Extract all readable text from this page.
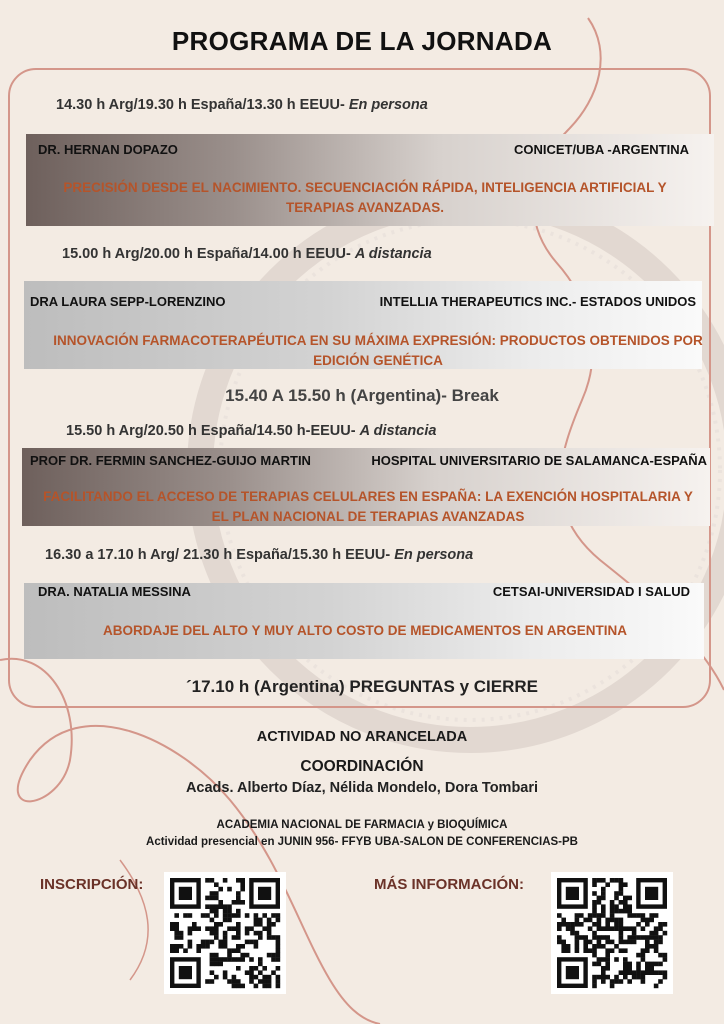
PROGRAMA DE LA JORNADA
14.30 h Arg/19.30 h España/13.30 h EEUU- En persona
DR. HERNAN DOPAZO	CONICET/UBA -ARGENTINA
PRECISIÓN DESDE EL NACIMIENTO. SECUENCIACIÓN RÁPIDA, INTELIGENCIA ARTIFICIAL Y TERAPIAS AVANZADAS.
15.00 h Arg/20.00 h España/14.00 h EEUU- A distancia
DRA LAURA SEPP-LORENZINO	INTELLIA THERAPEUTICS INC.- ESTADOS UNIDOS
INNOVACIÓN FARMACOTERAPÉUTICA EN SU MÁXIMA EXPRESIÓN: PRODUCTOS OBTENIDOS POR EDICIÓN GENÉTICA
15.40 A 15.50 h (Argentina)- Break
15.50 h Arg/20.50 h España/14.50 h-EEUU- A distancia
PROF DR. FERMIN SANCHEZ-GUIJO MARTIN	HOSPITAL UNIVERSITARIO DE SALAMANCA-ESPAÑA
FACILITANDO EL ACCESO DE TERAPIAS CELULARES EN ESPAÑA: LA EXENCIÓN HOSPITALARIA Y EL PLAN NACIONAL DE TERAPIAS AVANZADAS
16.30 a 17.10 h Arg/ 21.30 h España/15.30 h EEUU- En persona
DRA. NATALIA MESSINA	CETSAI-UNIVERSIDAD I SALUD
ABORDAJE DEL ALTO Y MUY ALTO COSTO DE MEDICAMENTOS EN ARGENTINA
´17.10 h (Argentina) PREGUNTAS y CIERRE
ACTIVIDAD NO ARANCELADA
COORDINACIÓN
Acads. Alberto Díaz, Nélida Mondelo, Dora Tombari
ACADEMIA NACIONAL DE FARMACIA y BIOQUÍMICA
Actividad presencial en JUNIN 956- FFYB UBA-SALON DE CONFERENCIAS-PB
INSCRIPCIÓN:	MÁS INFORMACIÓN:
